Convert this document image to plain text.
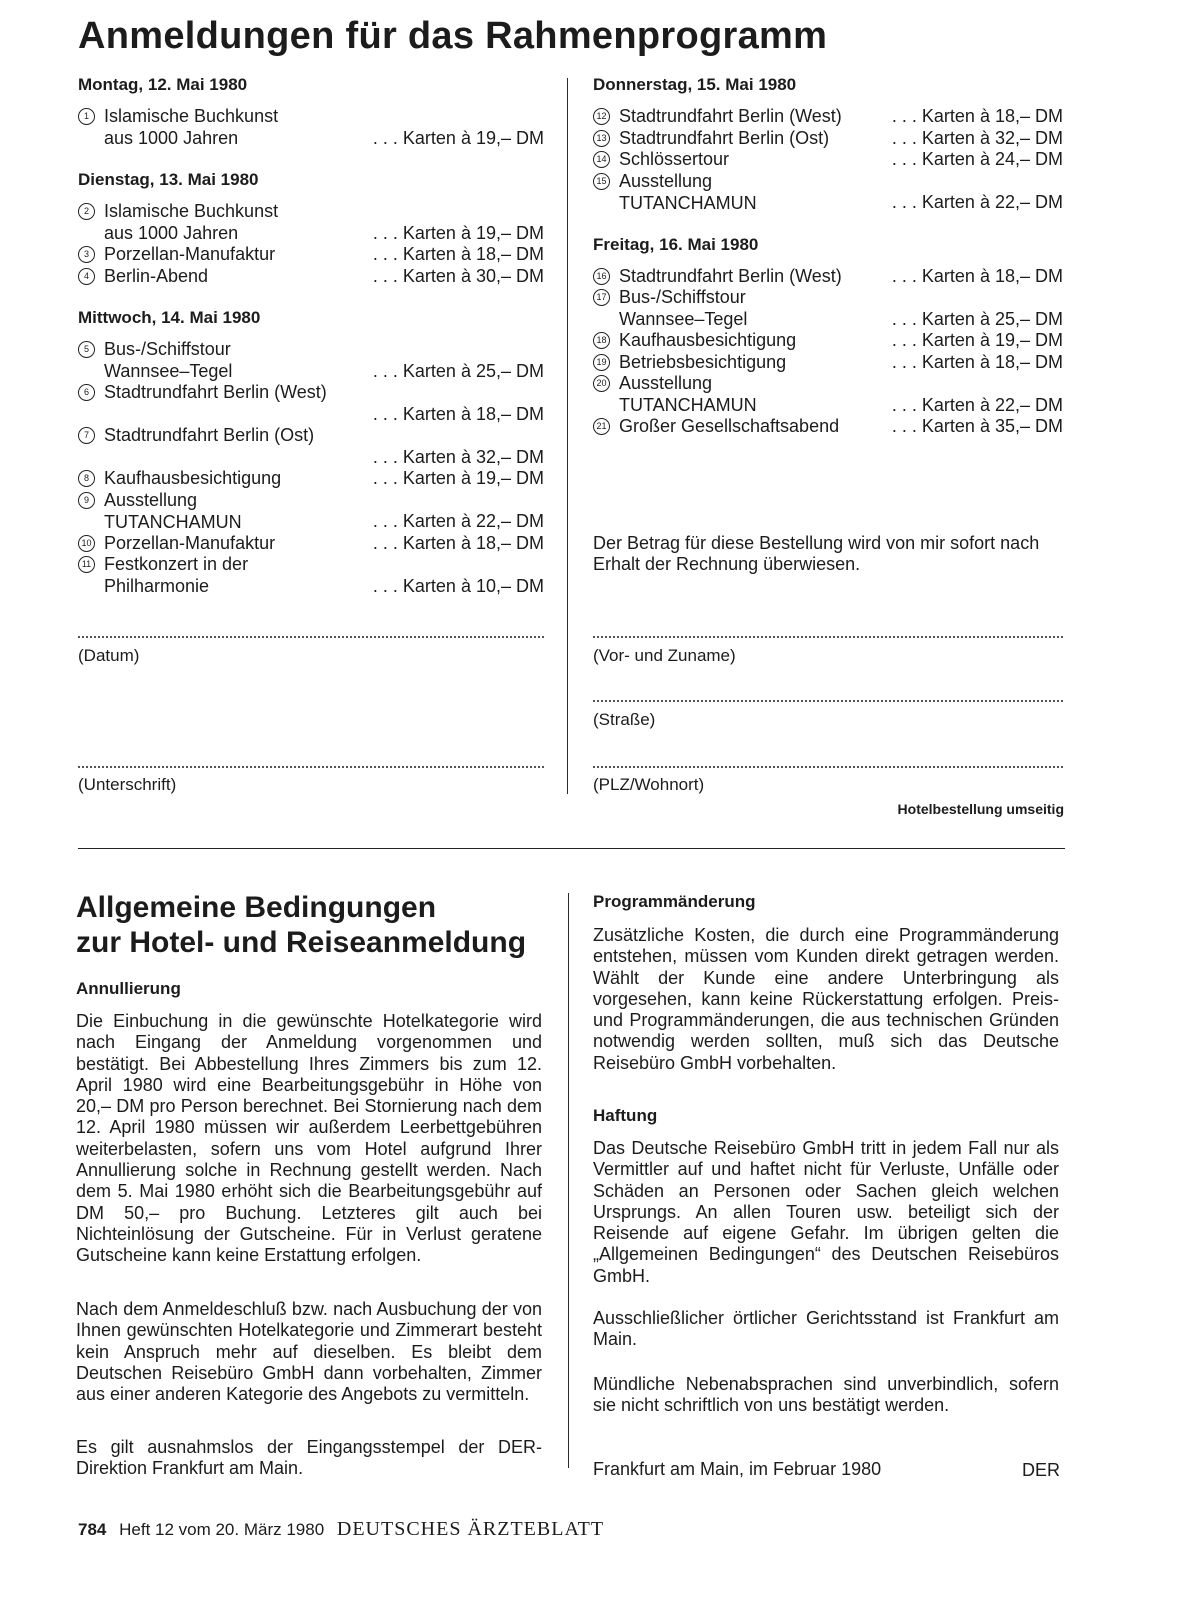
Anmeldungen für das Rahmenprogramm
Montag, 12. Mai 1980
1 Islamische Buchkunst
aus 1000 Jahren	. . . Karten à 19,– DM
Dienstag, 13. Mai 1980
2 Islamische Buchkunst
aus 1000 Jahren	. . . Karten à 19,– DM
3 Porzellan-Manufaktur	. . . Karten à 18,– DM
4 Berlin-Abend	. . . Karten à 30,– DM
Mittwoch, 14. Mai 1980
5 Bus-/Schiffstour
Wannsee–Tegel	. . . Karten à 25,– DM
6 Stadtrundfahrt Berlin (West)
. . . Karten à 18,– DM
7 Stadtrundfahrt Berlin (Ost)
. . . Karten à 32,– DM
8 Kaufhausbesichtigung	. . . Karten à 19,– DM
9 Ausstellung
TUTANCHAMUN	. . . Karten à 22,– DM
10 Porzellan-Manufaktur	. . . Karten à 18,– DM
11 Festkonzert in der
Philharmonie	. . . Karten à 10,– DM
Donnerstag, 15. Mai 1980
12 Stadtrundfahrt Berlin (West)	. . . Karten à 18,– DM
13 Stadtrundfahrt Berlin (Ost)	. . . Karten à 32,– DM
14 Schlössertour	. . . Karten à 24,– DM
15 Ausstellung
TUTANCHAMUN	. . . Karten à 22,– DM
Freitag, 16. Mai 1980
16 Stadtrundfahrt Berlin (West)	. . . Karten à 18,– DM
17 Bus-/Schiffstour
Wannsee–Tegel	. . . Karten à 25,– DM
18 Kaufhausbesichtigung	. . . Karten à 19,– DM
19 Betriebsbesichtigung	. . . Karten à 18,– DM
20 Ausstellung
TUTANCHAMUN	. . . Karten à 22,– DM
21 Großer Gesellschaftsabend	. . . Karten à 35,– DM

Der Betrag für diese Bestellung wird von mir sofort nach Erhalt der Rechnung überwiesen.

(Datum)
(Unterschrift)
(Vor- und Zuname)
(Straße)
(PLZ/Wohnort)
Hotelbestellung umseitig
Allgemeine Bedingungen
zur Hotel- und Reiseanmeldung
Annullierung

Die Einbuchung in die gewünschte Hotelkategorie wird nach Eingang der Anmeldung vorgenommen und bestätigt. Bei Abbestellung Ihres Zimmers bis zum 12. April 1980 wird eine Bearbeitungsgebühr in Höhe von 20,– DM pro Person berechnet. Bei Stornierung nach dem 12. April 1980 müssen wir außerdem Leerbettgebühren weiterbelasten, sofern uns vom Hotel aufgrund Ihrer Annullierung solche in Rechnung gestellt werden. Nach dem 5. Mai 1980 erhöht sich die Bearbeitungsgebühr auf DM 50,– pro Buchung. Letzteres gilt auch bei Nichteinlösung der Gutscheine. Für in Verlust geratene Gutscheine kann keine Erstattung erfolgen.

Nach dem Anmeldeschluß bzw. nach Ausbuchung der von Ihnen gewünschten Hotelkategorie und Zimmerart besteht kein Anspruch mehr auf dieselben. Es bleibt dem Deutschen Reisebüro GmbH dann vorbehalten, Zimmer aus einer anderen Kategorie des Angebots zu vermitteln.

Es gilt ausnahmslos der Eingangsstempel der DER-Direktion Frankfurt am Main.

Programmänderung

Zusätzliche Kosten, die durch eine Programmänderung entstehen, müssen vom Kunden direkt getragen werden. Wählt der Kunde eine andere Unterbringung als vorgesehen, kann keine Rückerstattung erfolgen. Preis- und Programmänderungen, die aus technischen Gründen notwendig werden sollten, muß sich das Deutsche Reisebüro GmbH vorbehalten.

Haftung

Das Deutsche Reisebüro GmbH tritt in jedem Fall nur als Vermittler auf und haftet nicht für Verluste, Unfälle oder Schäden an Personen oder Sachen gleich welchen Ursprungs. An allen Touren usw. beteiligt sich der Reisende auf eigene Gefahr. Im übrigen gelten die „Allgemeinen Bedingungen“ des Deutschen Reisebüros GmbH.

Ausschließlicher örtlicher Gerichtsstand ist Frankfurt am Main.

Mündliche Nebenabsprachen sind unverbindlich, sofern sie nicht schriftlich von uns bestätigt werden.

Frankfurt am Main, im Februar 1980	DER
784 Heft 12 vom 20. März 1980 DEUTSCHES ÄRZTEBLATT
